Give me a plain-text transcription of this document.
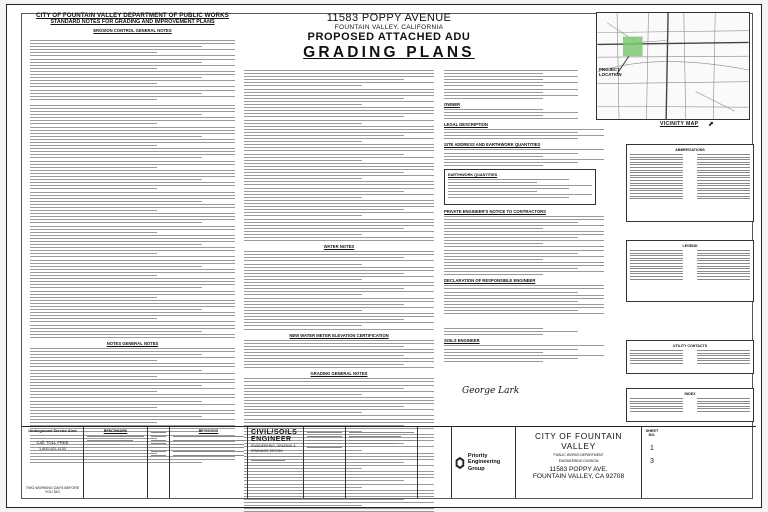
CITY OF FOUNTAIN VALLEY DEPARTMENT OF PUBLIC WORKS
STANDARD NOTES FOR GRADING AND IMPROVEMENT PLANS
EROSION CONTROL GENERAL NOTES
NOTES GENERAL NOTES
11583 POPPY AVENUE
FOUNTAIN VALLEY, CALIFORNIA
PROPOSED ATTACHED ADU
GRADING PLANS
WATER NOTES
NEW WATER METER ELEVATION CERTIFICATION
GRADING GENERAL NOTES
OWNER
LEGAL DESCRIPTION
SITE ADDRESS AND EARTHWORK QUANTITIES
EARTHWORK QUANTITIES
PRIVATE ENGINEER'S NOTICE TO CONTRACTORS
DECLARATION OF RESPONSIBLE ENGINEER
SOILS ENGINEER
PROJECT LOCATION
VICINITY MAP ⬈
ABBREVIATIONS
LEGEND
UTILITY CONTACTS
INDEX
George Lark
Underground Service Alert
Call: TOLL FREE
1-800-422-4133
TWO WORKING DAYS BEFORE YOU DIG
BENCHMARK	REVISIONS	CIVIL/SOILS ENGINEER
ENGINEERING, GRADING &
DRAINAGE DESIGN
Priority Engineering Group
CITY OF FOUNTAIN VALLEY
PUBLIC WORKS DEPARTMENT
ENGINEERING DIVISION
11583 POPPY AVE.
FOUNTAIN VALLEY, CA 92708
SHEET NO.
1
3
